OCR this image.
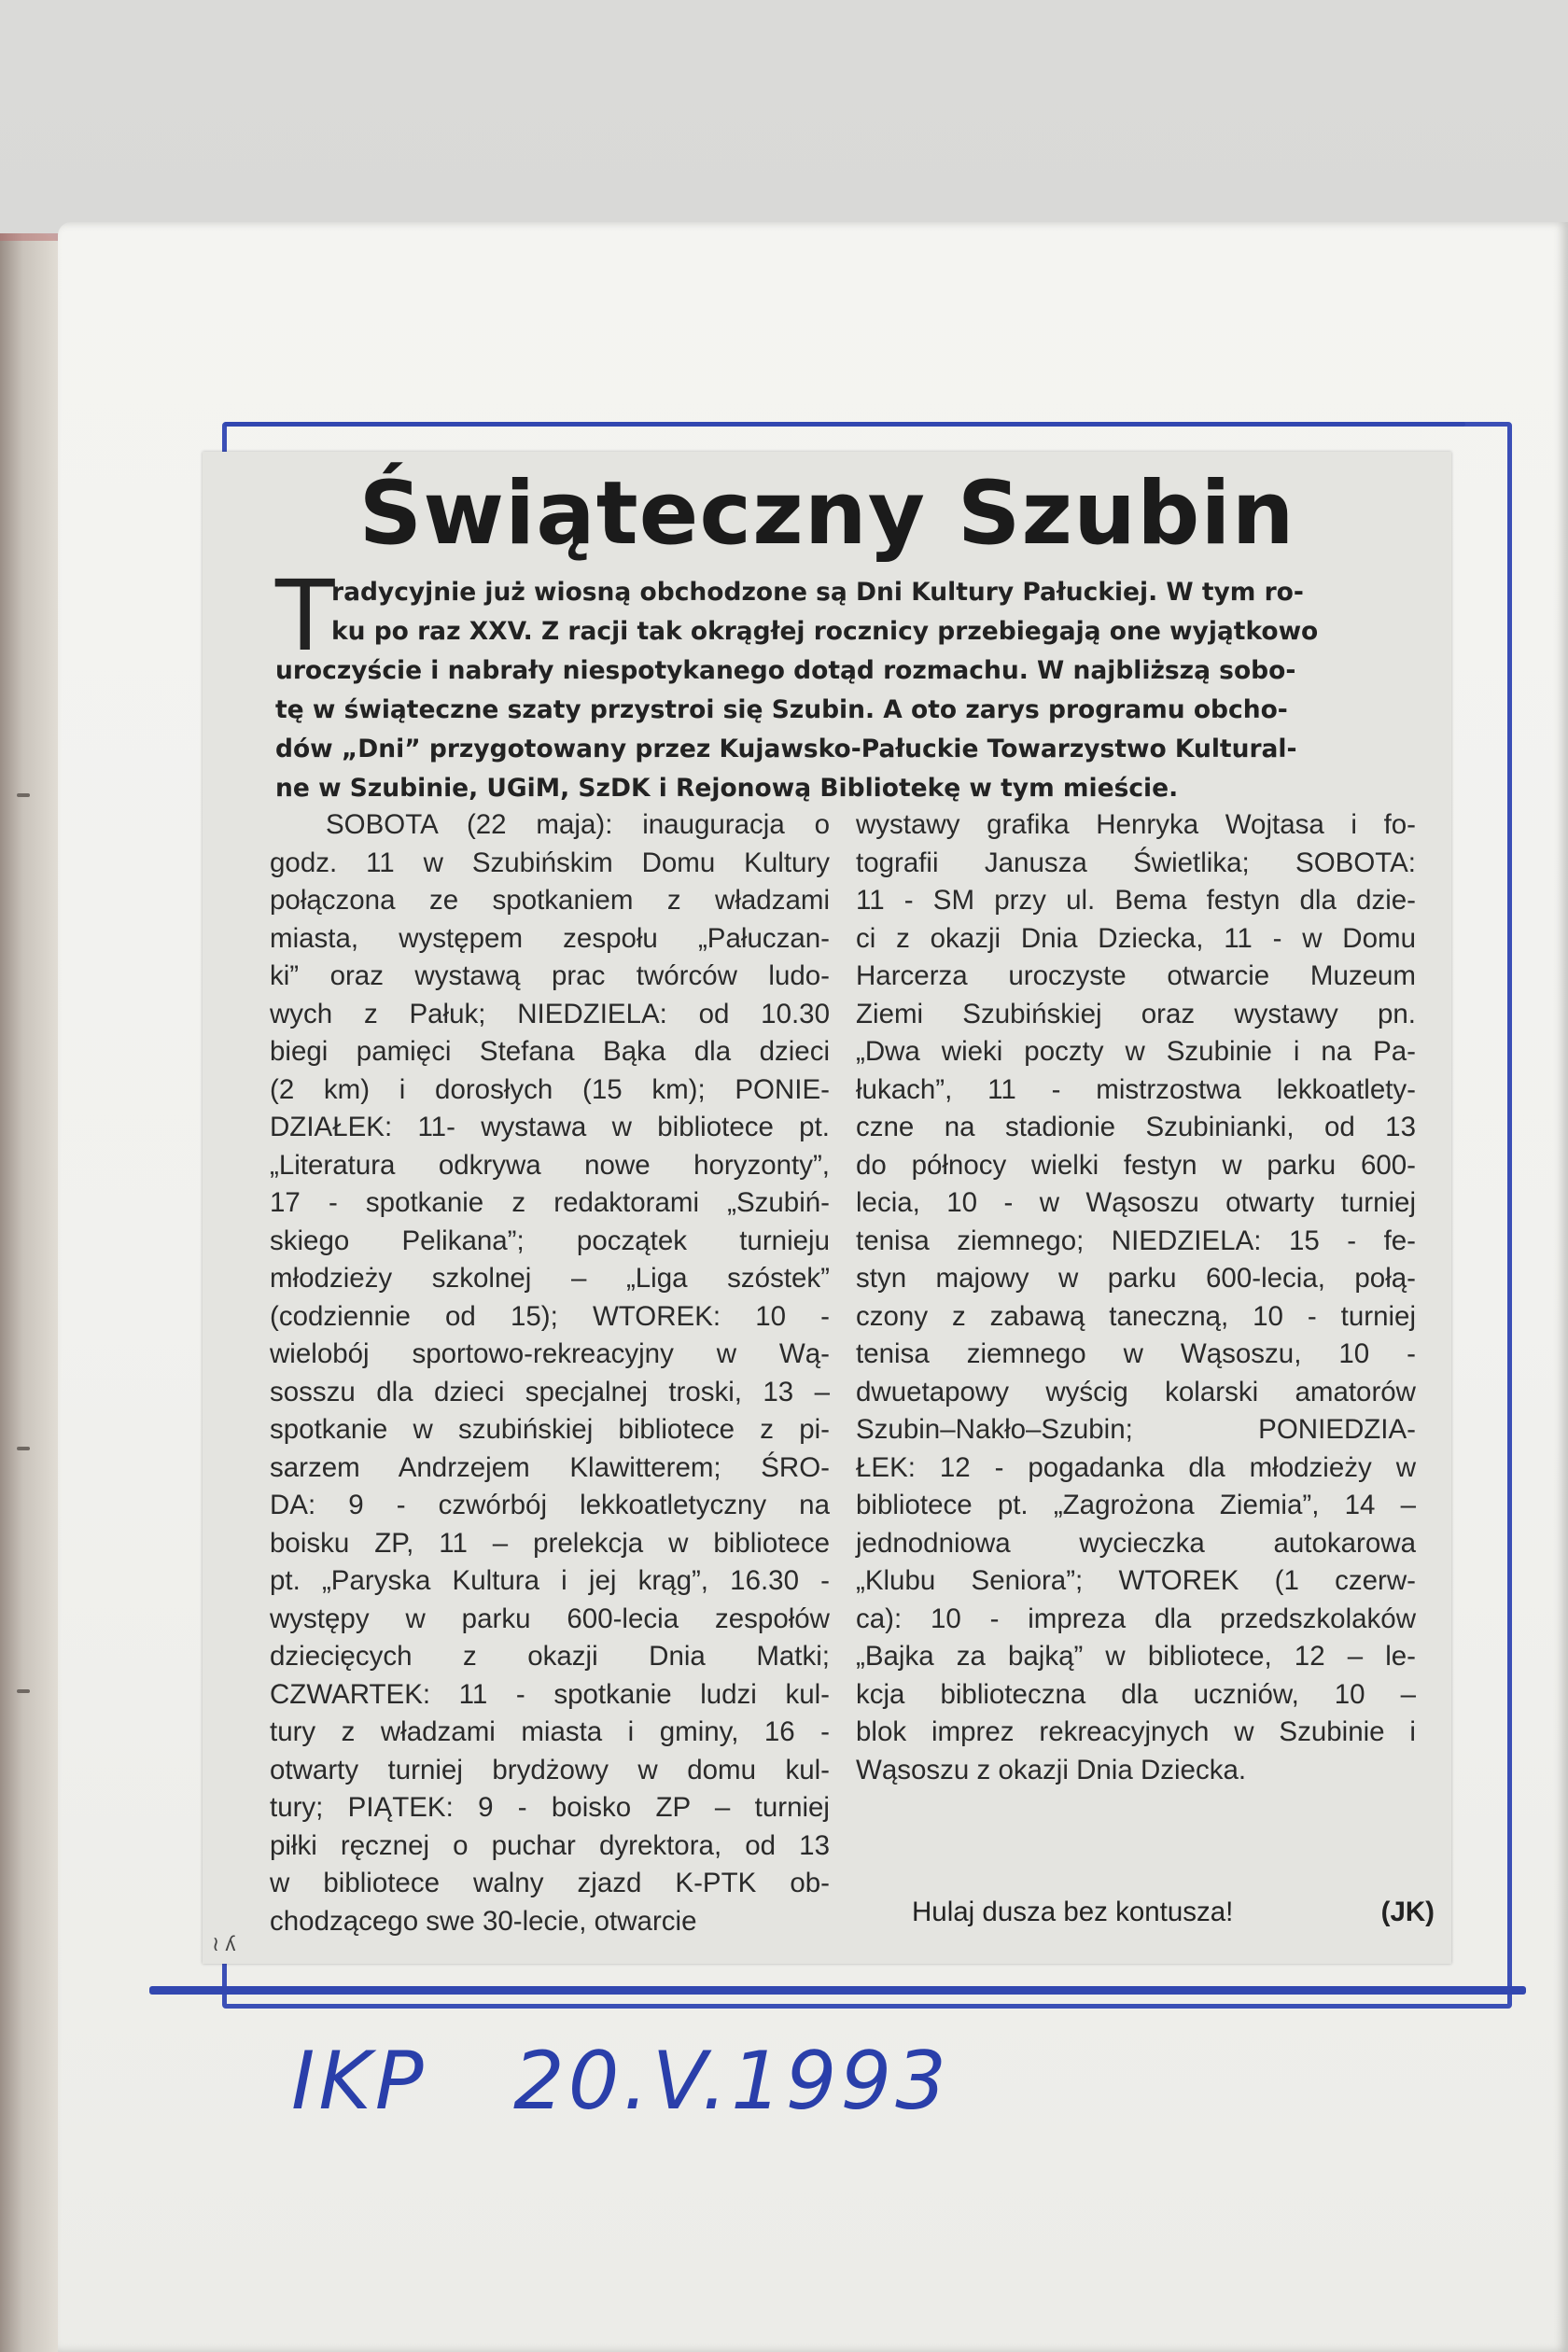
Świąteczny Szubin
T
radycyjnie już wiosną obchodzone są Dni Kultury Pałuckiej. W tym ro-
ku po raz XXV. Z racji tak okrągłej rocznicy przebiegają one wyjątkowo
uroczyście i nabrały niespotykanego dotąd rozmachu. W najbliższą sobo-
tę w świąteczne szaty przystroi się Szubin. A oto zarys programu obcho-
dów „Dni” przygotowany przez Kujawsko-Pałuckie Towarzystwo Kultural-
ne w Szubinie, UGiM, SzDK i Rejonową Bibliotekę w tym mieście.
SOBOTA (22 maja): inauguracja o
godz. 11 w Szubińskim Domu Kultury
połączona ze spotkaniem z władzami
miasta, występem zespołu „Pałuczan-
ki” oraz wystawą prac twórców ludo-
wych z Pałuk; NIEDZIELA: od 10.30
biegi pamięci Stefana Bąka dla dzieci
(2 km) i dorosłych (15 km); PONIE-
DZIAŁEK: 11- wystawa w bibliotece pt.
„Literatura odkrywa nowe horyzonty”,
17 - spotkanie z redaktorami „Szubiń-
skiego Pelikana”; początek turnieju
młodzieży szkolnej – „Liga szóstek”
(codziennie od 15); WTOREK: 10 -
wielobój sportowo-rekreacyjny w Wą-
sosszu dla dzieci specjalnej troski, 13 –
spotkanie w szubińskiej bibliotece z pi-
sarzem Andrzejem Klawitterem; ŚRO-
DA: 9 - czwórbój lekkoatletyczny na
boisku ZP, 11 – prelekcja w bibliotece
pt. „Paryska Kultura i jej krąg”, 16.30 -
występy w parku 600-lecia zespołów
dziecięcych z okazji Dnia Matki;
CZWARTEK: 11 - spotkanie ludzi kul-
tury z władzami miasta i gminy, 16 -
otwarty turniej brydżowy w domu kul-
tury; PIĄTEK: 9 - boisko ZP – turniej
piłki ręcznej o puchar dyrektora, od 13
w bibliotece walny zjazd K-PTK ob-
chodzącego swe 30-lecie, otwarcie
wystawy grafika Henryka Wojtasa i fo-
tografii Janusza Świetlika; SOBOTA:
11 - SM przy ul. Bema festyn dla dzie-
ci z okazji Dnia Dziecka, 11 - w Domu
Harcerza uroczyste otwarcie Muzeum
Ziemi Szubińskiej oraz wystawy pn.
„Dwa wieki poczty w Szubinie i na Pa-
łukach”, 11 - mistrzostwa lekkoatlety-
czne na stadionie Szubinianki, od 13
do północy wielki festyn w parku 600-
lecia, 10 - w Wąsoszu otwarty turniej
tenisa ziemnego; NIEDZIELA: 15 - fe-
styn majowy w parku 600-lecia, połą-
czony z zabawą taneczną, 10 - turniej
tenisa ziemnego w Wąsoszu, 10 -
dwuetapowy wyścig kolarski amatorów
Szubin–Nakło–Szubin; PONIEDZIA-
ŁEK: 12 - pogadanka dla młodzieży w
bibliotece pt. „Zagrożona Ziemia”, 14 –
jednodniowa wycieczka autokarowa
„Klubu Seniora”; WTOREK (1 czerw-
ca): 10 - impreza dla przedszkolaków
„Bajka za bajką” w bibliotece, 12 – le-
kcja biblioteczna dla uczniów, 10 –
blok imprez rekreacyjnych w Szubinie i
Wąsoszu z okazji Dnia Dziecka.
Hulaj dusza bez kontusza!	(JK)
≀ ʎ
IKP 20.V.1993
